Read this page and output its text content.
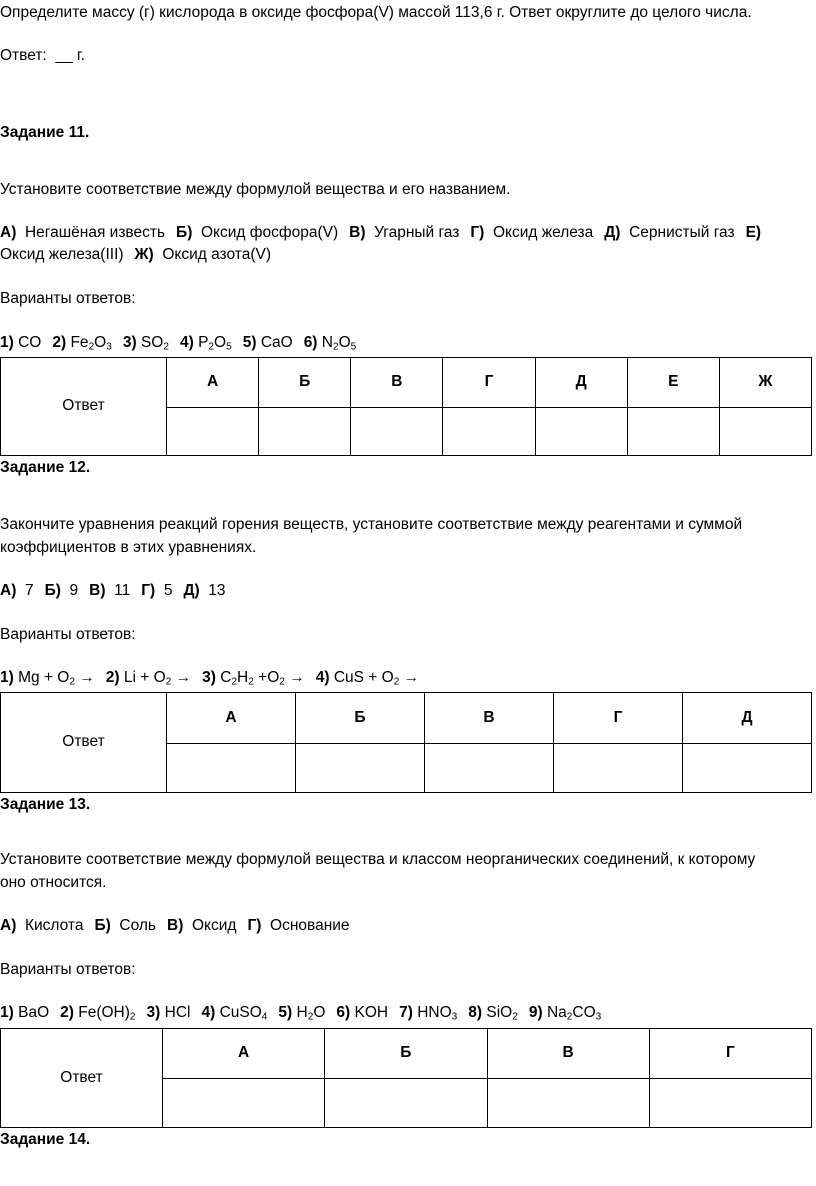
Определите массу (г) кислорода в оксиде фосфора(V) массой 113,6 г. Ответ округлите до целого числа.
Ответ: __ г.
Задание 11.
Установите соответствие между формулой вещества и его названием.
А) Негашёная известь Б) Оксид фосфора(V) В) Угарный газ Г) Оксид железа Д) Сернистый газ Е)
Оксид железа(III) Ж) Оксид азота(V)
Варианты ответов:
1) CO 2) $Fe_2O_3$ 3) $SO_2$ 4) $P_2O_5$ 5) CaO 6) $N_2O_5$
Ответ	А	Б	В	Г	Д	Е	Ж

Задание 12.
Закончите уравнения реакций горения веществ, установите соответствие между реагентами и суммой
коэффициентов в этих уравнениях.
А) 7 Б) 9 В) 11 Г) 5 Д) 13
Варианты ответов:
1) $Mg + O_2 \to 2$) $Li + O_2 \to 3$) $C_2H_2 +O_2 \to 4$) CuS + $O_2$ →
Ответ	А	Б	В	Г	Д

Задание 13.
Установите соответствие между формулой вещества и классом неорганических соединений, к которому
оно относится.
А) Кислота Б) Соль В) Оксид Г) Основание
Варианты ответов:
1) BaO 2) $Fe(OH)_2$ 3) HCl 4) CuSO$_4$ 5) $H_2O$ 6) KOH 7) $HNO_3$ 8) SiO$_2$ 9) $Na_2CO_3$
Ответ	А	Б	В	Г

Задание 14.
